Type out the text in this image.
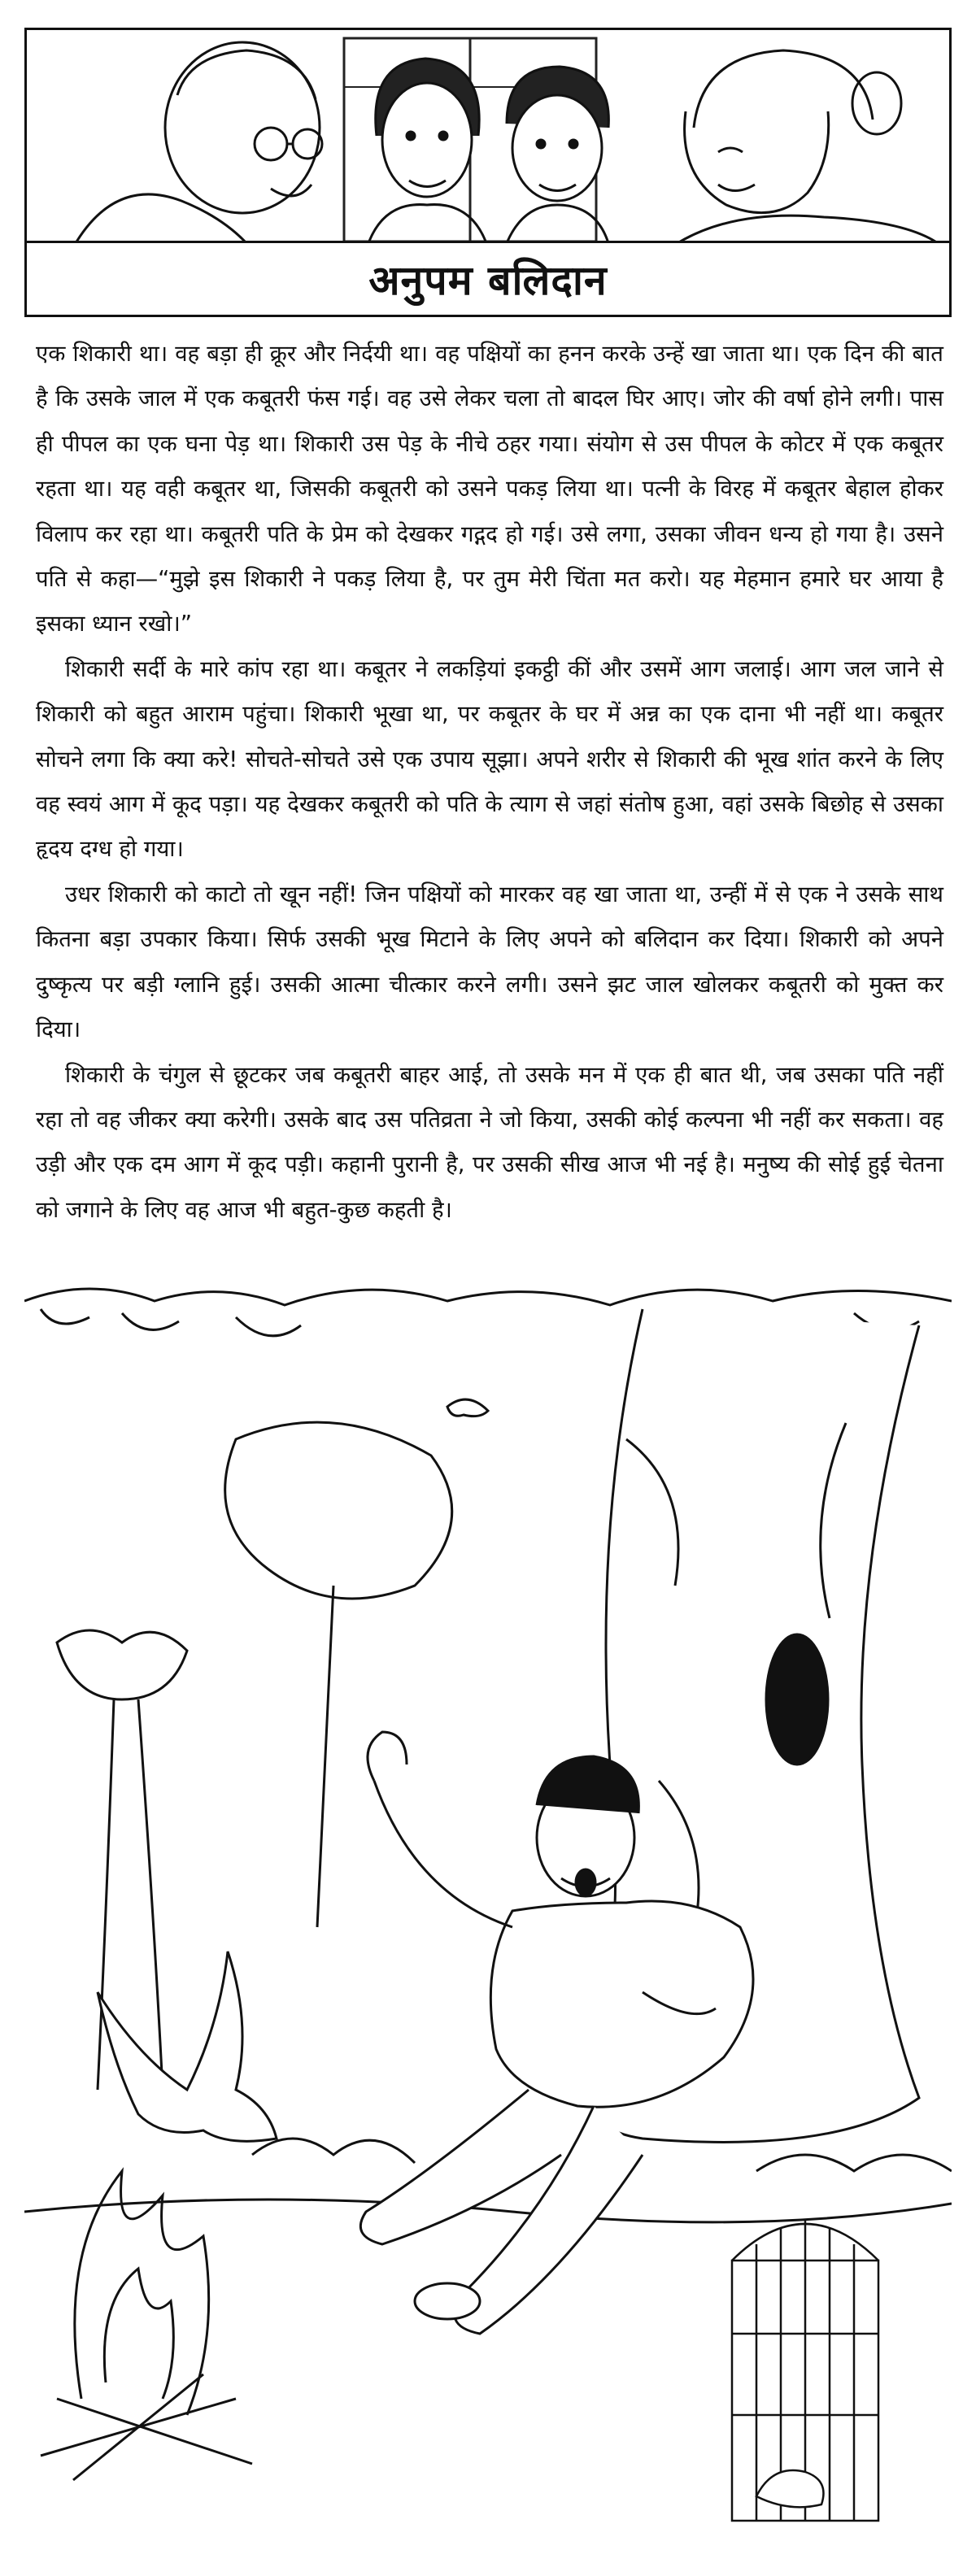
अनुपम बलिदान

एक शिकारी था। वह बड़ा ही क्रूर और निर्दयी था। वह पक्षियों का हनन करके उन्हें खा जाता था। एक दिन की बात है कि उसके जाल में एक कबूतरी फंस गई। वह उसे लेकर चला तो बादल घिर आए। जोर की वर्षा होने लगी। पास ही पीपल का एक घना पेड़ था। शिकारी उस पेड़ के नीचे ठहर गया। संयोग से उस पीपल के कोटर में एक कबूतर रहता था। यह वही कबूतर था, जिसकी कबूतरी को उसने पकड़ लिया था। पत्नी के विरह में कबूतर बेहाल होकर विलाप कर रहा था। कबूतरी पति के प्रेम को देखकर गद्गद हो गई। उसे लगा, उसका जीवन धन्य हो गया है। उसने पति से कहा—“मुझे इस शिकारी ने पकड़ लिया है, पर तुम मेरी चिंता मत करो। यह मेहमान हमारे घर आया है इसका ध्यान रखो।”

शिकारी सर्दी के मारे कांप रहा था। कबूतर ने लकड़ियां इकट्ठी कीं और उसमें आग जलाई। आग जल जाने से शिकारी को बहुत आराम पहुंचा। शिकारी भूखा था, पर कबूतर के घर में अन्न का एक दाना भी नहीं था। कबूतर सोचने लगा कि क्या करे! सोचते-सोचते उसे एक उपाय सूझा। अपने शरीर से शिकारी की भूख शांत करने के लिए वह स्वयं आग में कूद पड़ा। यह देखकर कबूतरी को पति के त्याग से जहां संतोष हुआ, वहां उसके बिछोह से उसका हृदय दग्ध हो गया।

उधर शिकारी को काटो तो खून नहीं! जिन पक्षियों को मारकर वह खा जाता था, उन्हीं में से एक ने उसके साथ कितना बड़ा उपकार किया। सिर्फ उसकी भूख मिटाने के लिए अपने को बलिदान कर दिया। शिकारी को अपने दुष्कृत्य पर बड़ी ग्लानि हुई। उसकी आत्मा चीत्कार करने लगी। उसने झट जाल खोलकर कबूतरी को मुक्त कर दिया।

शिकारी के चंगुल से छूटकर जब कबूतरी बाहर आई, तो उसके मन में एक ही बात थी, जब उसका पति नहीं रहा तो वह जीकर क्या करेगी। उसके बाद उस पतिव्रता ने जो किया, उसकी कोई कल्पना भी नहीं कर सकता। वह उड़ी और एक दम आग में कूद पड़ी। कहानी पुरानी है, पर उसकी सीख आज भी नई है। मनुष्य की सोई हुई चेतना को जगाने के लिए वह आज भी बहुत-कुछ कहती है।
